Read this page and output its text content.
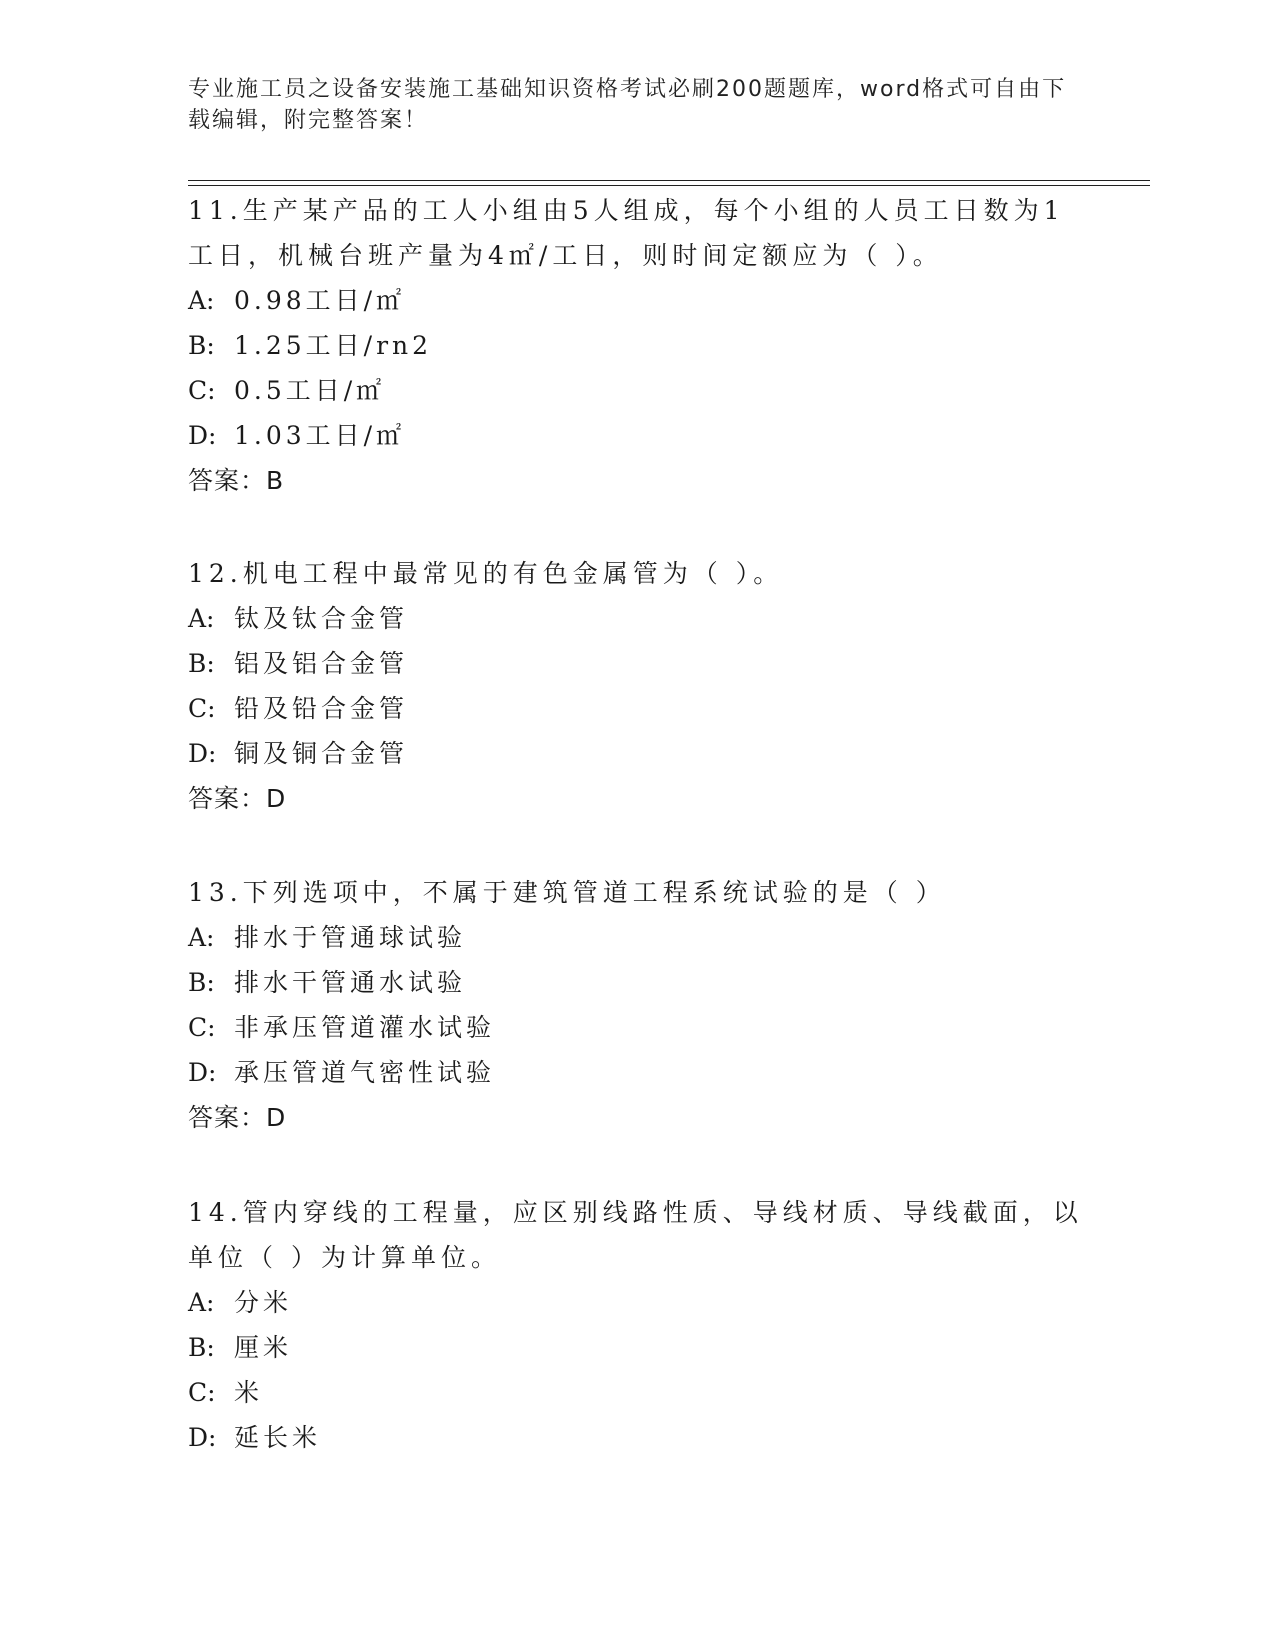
专业施工员之设备安装施工基础知识资格考试必刷200题题库，word格式可自由下载编辑，附完整答案！

11.生产某产品的工人小组由5人组成，每个小组的人员工日数为1工日，机械台班产量为4㎡/工日，则时间定额应为（ ）。

A: 0.98工日/㎡

B: 1.25工日/rn2

C: 0.5工日/㎡

D: 1.03工日/㎡

答案：B

12.机电工程中最常见的有色金属管为（ ）。

A: 钛及钛合金管

B: 铝及铝合金管

C: 铅及铅合金管

D: 铜及铜合金管

答案：D

13.下列选项中，不属于建筑管道工程系统试验的是（ ）

A: 排水于管通球试验

B: 排水干管通水试验

C: 非承压管道灌水试验

D: 承压管道气密性试验

答案：D

14.管内穿线的工程量，应区别线路性质、导线材质、导线截面，以单位（ ）为计算单位。

A: 分米

B: 厘米

C: 米

D: 延长米
